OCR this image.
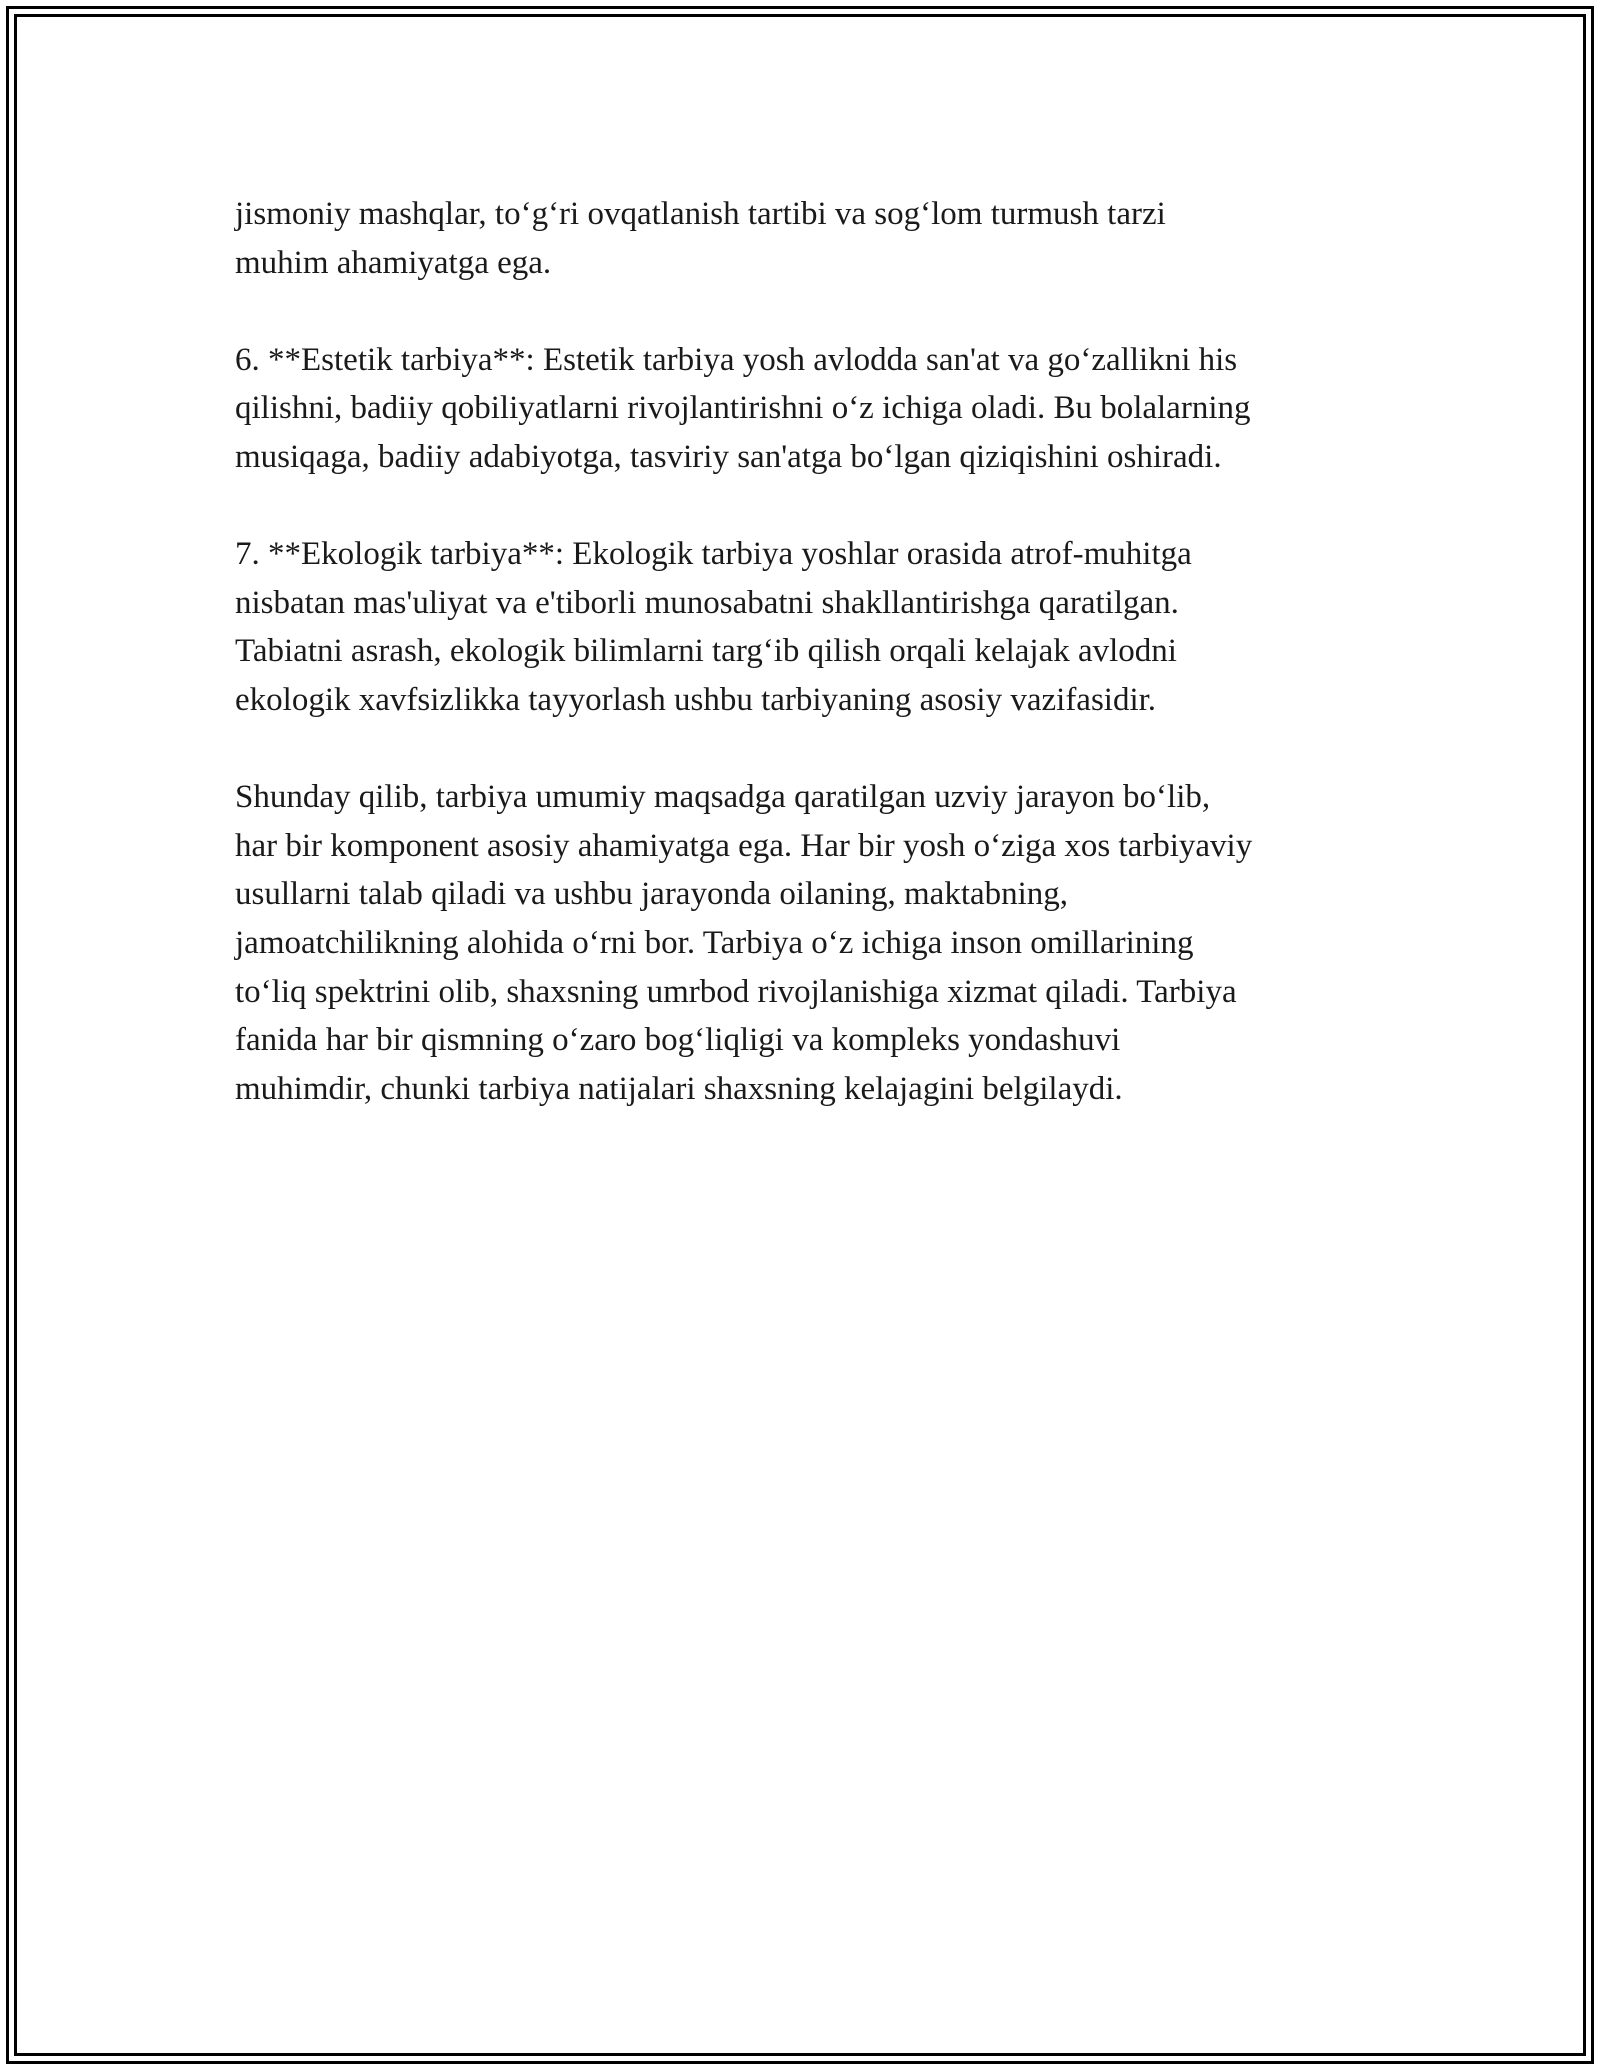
jismoniy mashqlar, to‘g‘ri ovqatlanish tartibi va sog‘lom turmush tarzi
muhim ahamiyatga ega.

6. **Estetik tarbiya**: Estetik tarbiya yosh avlodda san'at va go‘zallikni his
qilishni, badiiy qobiliyatlarni rivojlantirishni o‘z ichiga oladi. Bu bolalarning
musiqaga, badiiy adabiyotga, tasviriy san'atga bo‘lgan qiziqishini oshiradi.

7. **Ekologik tarbiya**: Ekologik tarbiya yoshlar orasida atrof-muhitga
nisbatan mas'uliyat va e'tiborli munosabatni shakllantirishga qaratilgan.
Tabiatni asrash, ekologik bilimlarni targ‘ib qilish orqali kelajak avlodni
ekologik xavfsizlikka tayyorlash ushbu tarbiyaning asosiy vazifasidir.

Shunday qilib, tarbiya umumiy maqsadga qaratilgan uzviy jarayon bo‘lib,
har bir komponent asosiy ahamiyatga ega. Har bir yosh o‘ziga xos tarbiyaviy
usullarni talab qiladi va ushbu jarayonda oilaning, maktabning,
jamoatchilikning alohida o‘rni bor. Tarbiya o‘z ichiga inson omillarining
to‘liq spektrini olib, shaxsning umrbod rivojlanishiga xizmat qiladi. Tarbiya
fanida har bir qismning o‘zaro bog‘liqligi va kompleks yondashuvi
muhimdir, chunki tarbiya natijalari shaxsning kelajagini belgilaydi.
